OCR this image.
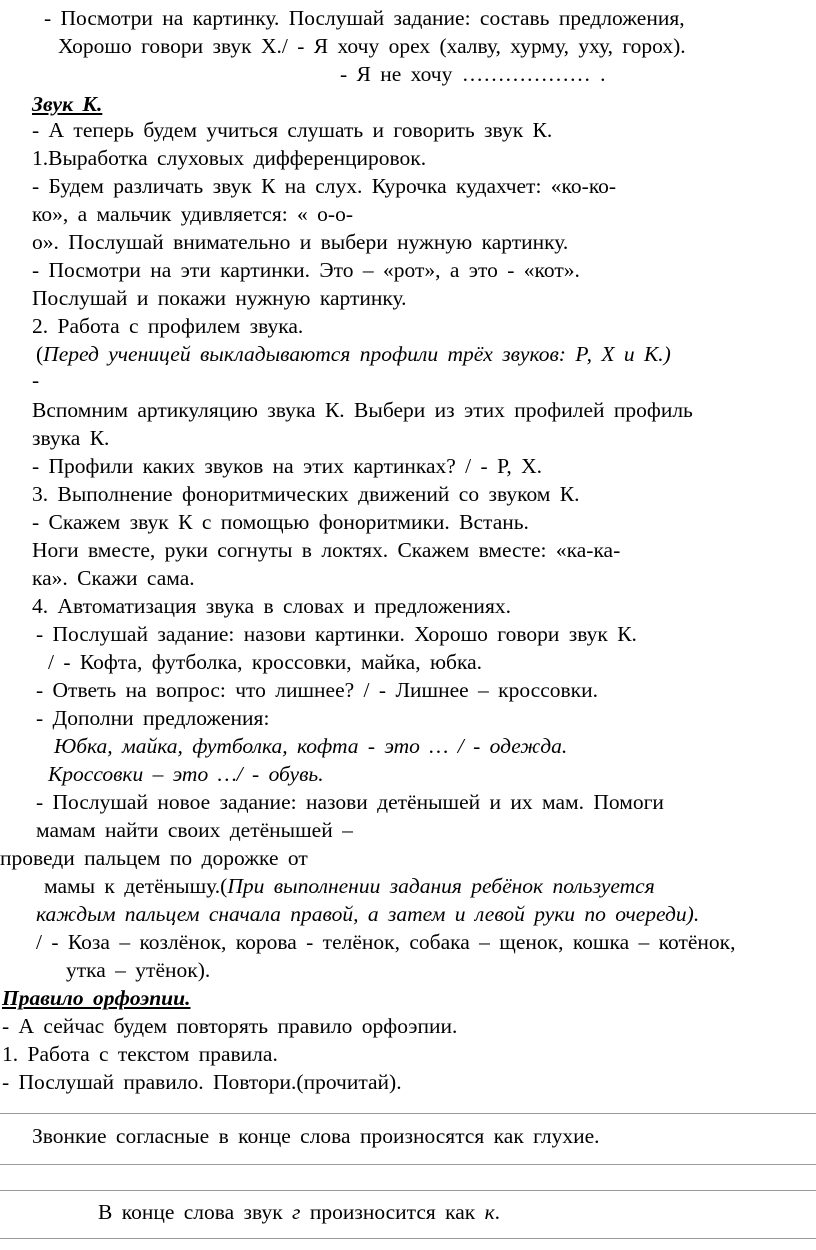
- Посмотри на картинку. Послушай задание: составь предложения,
Хорошо говори звук Х./ - Я хочу орех (халву, хурму, уху, горох).
- Я не хочу ……………… .
Звук К.
- А теперь будем учиться слушать и говорить звук К.
1.Выработка слуховых дифференцировок.
- Будем различать звук К на слух. Курочка кудахчет: «ко-ко-
ко», а мальчик удивляется: « о-о-
о». Послушай внимательно и выбери нужную картинку.
- Посмотри на эти картинки. Это – «рот», а это - «кот».
Послушай и покажи нужную картинку.
2. Работа с профилем звука.
(Перед ученицей выкладываются профили трёх звуков: Р, Х и К.)
-
Вспомним артикуляцию звука К. Выбери из этих профилей профиль
звука К.
- Профили каких звуков на этих картинках? / - Р, Х.
3. Выполнение фоноритмических движений со звуком К.
- Скажем звук К с помощью фоноритмики. Встань.
Ноги вместе, руки согнуты в локтях. Скажем вместе: «ка-ка-
ка». Скажи сама.
4. Автоматизация звука в словах и предложениях.
- Послушай задание: назови картинки. Хорошо говори звук К.
/ - Кофта, футболка, кроссовки, майка, юбка.
- Ответь на вопрос: что лишнее? / - Лишнее – кроссовки.
- Дополни предложения:
Юбка, майка, футболка, кофта - это … / - одежда.
Кроссовки – это …/ - обувь.
- Послушай новое задание: назови детёнышей и их мам. Помоги
мамам найти своих детёнышей –
проведи пальцем по дорожке от
мамы к детёнышу.(При выполнении задания ребёнок пользуется
каждым пальцем сначала правой, а затем и левой руки по очереди).
/ - Коза – козлёнок, корова - телёнок, собака – щенок, кошка – котёнок,
утка – утёнок).
Правило орфоэпии.
- А сейчас будем повторять правило орфоэпии.
1. Работа с текстом правила.
- Послушай правило. Повтори.(прочитай).
Звонкие согласные в конце слова произносятся как глухие.
В конце слова звук г произносится как к.
